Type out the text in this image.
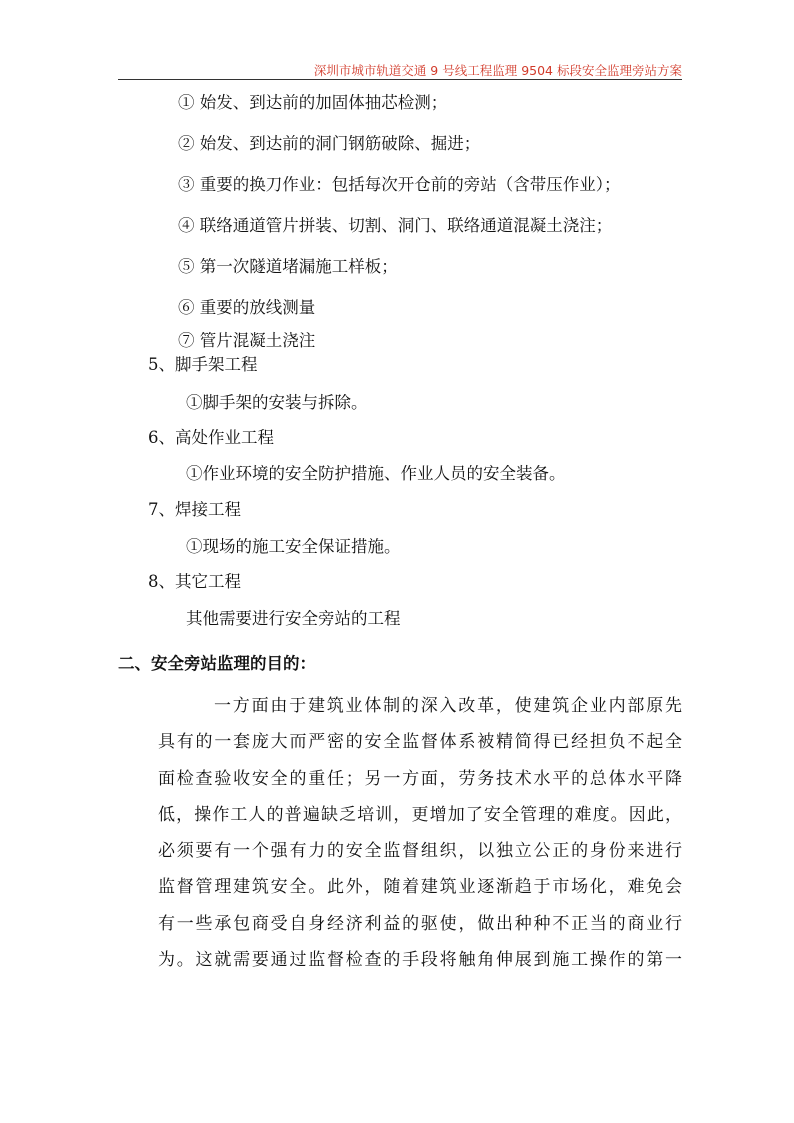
深圳市城市轨道交通 9 号线工程监理 9504 标段安全监理旁站方案
① 始发、到达前的加固体抽芯检测；
② 始发、到达前的洞门钢筋破除、掘进；
③ 重要的换刀作业：包括每次开仓前的旁站（含带压作业）；
④ 联络通道管片拼装、切割、洞门、联络通道混凝土浇注；
⑤ 第一次隧道堵漏施工样板；
⑥ 重要的放线测量
⑦ 管片混凝土浇注
5、脚手架工程
①脚手架的安装与拆除。
6、高处作业工程
①作业环境的安全防护措施、作业人员的安全装备。
7、焊接工程
①现场的施工安全保证措施。
8、其它工程
其他需要进行安全旁站的工程
二、安全旁站监理的目的：
一方面由于建筑业体制的深入改革，使建筑企业内部原先
具有的一套庞大而严密的安全监督体系被精简得已经担负不起全
面检查验收安全的重任；另一方面，劳务技术水平的总体水平降
低，操作工人的普遍缺乏培训，更增加了安全管理的难度。因此，
必须要有一个强有力的安全监督组织，以独立公正的身份来进行
监督管理建筑安全。此外，随着建筑业逐渐趋于市场化，难免会
有一些承包商受自身经济利益的驱使，做出种种不正当的商业行
为。这就需要通过监督检查的手段将触角伸展到施工操作的第一
